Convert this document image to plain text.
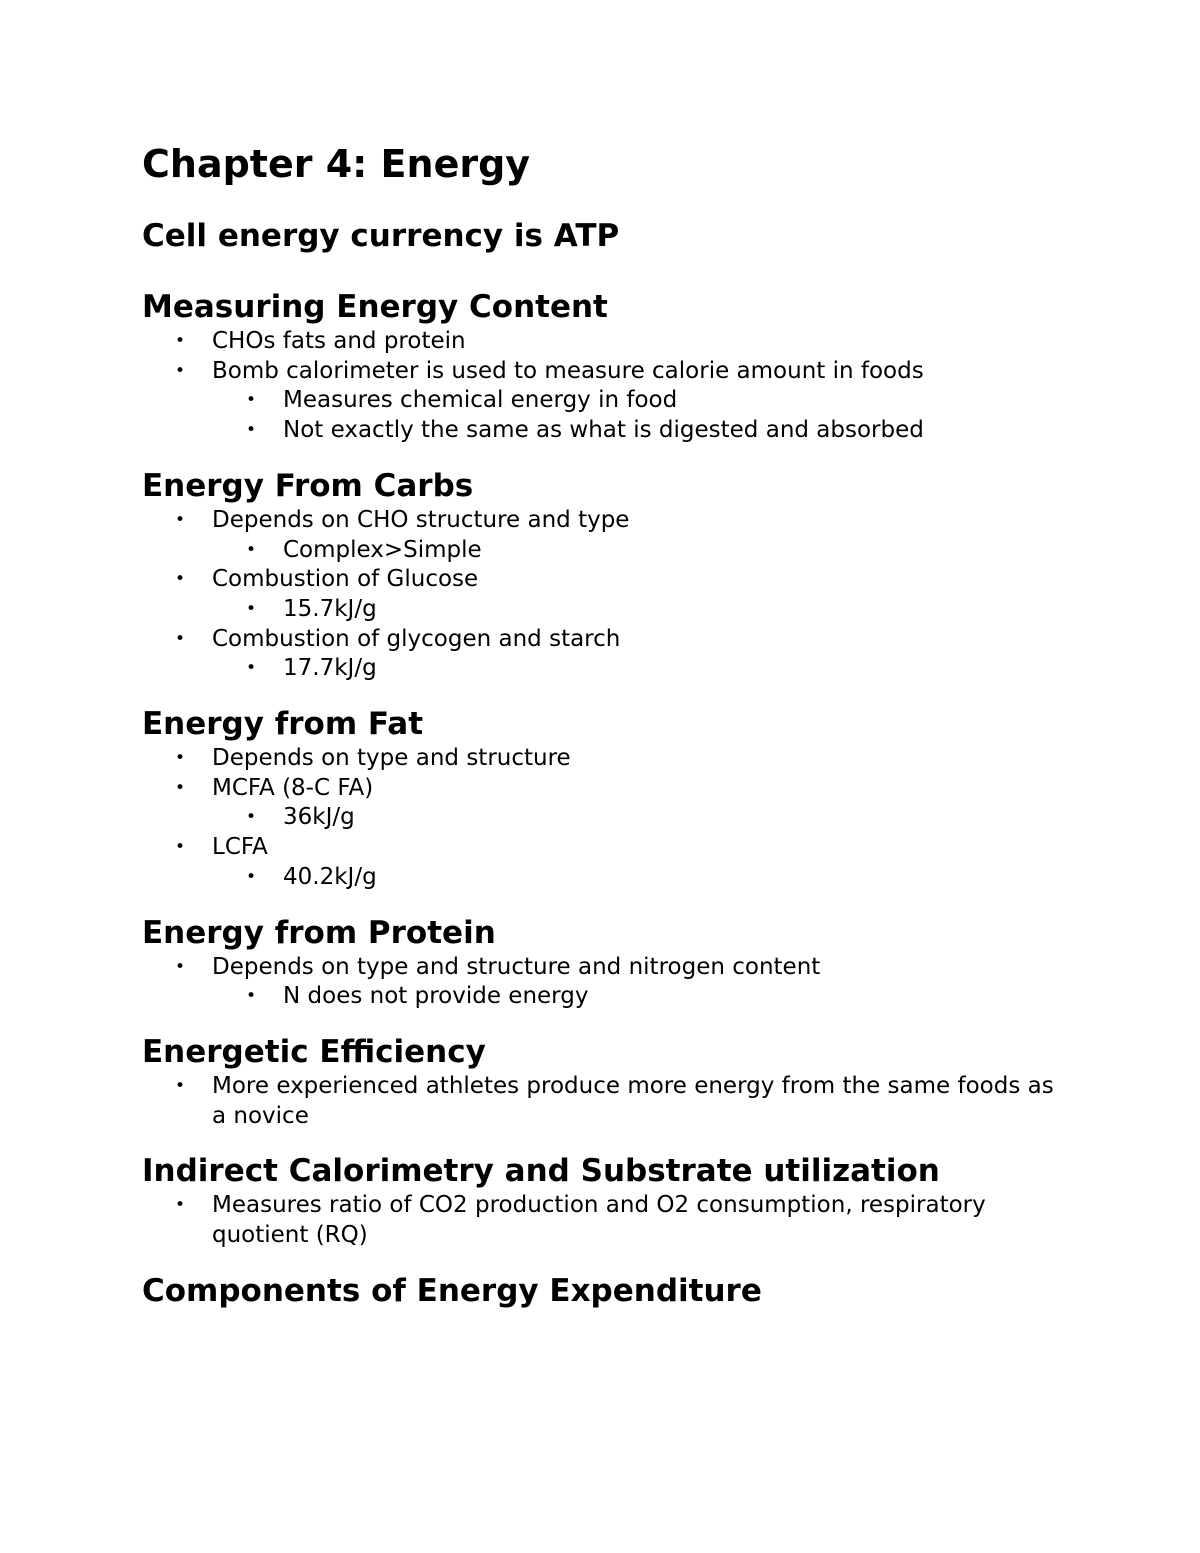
Chapter 4: Energy
Cell energy currency is ATP
Measuring Energy Content
• CHOs fats and protein
• Bomb calorimeter is used to measure calorie amount in foods
• Measures chemical energy in food
• Not exactly the same as what is digested and absorbed
Energy From Carbs
• Depends on CHO structure and type
• Complex>Simple
• Combustion of Glucose
• 15.7kJ/g
• Combustion of glycogen and starch
• 17.7kJ/g
Energy from Fat
• Depends on type and structure
• MCFA (8-C FA)
• 36kJ/g
• LCFA
• 40.2kJ/g
Energy from Protein
• Depends on type and structure and nitrogen content
• N does not provide energy
Energetic Efficiency
• More experienced athletes produce more energy from the same foods as a novice
Indirect Calorimetry and Substrate utilization
• Measures ratio of CO2 production and O2 consumption, respiratory quotient (RQ)
Components of Energy Expenditure
